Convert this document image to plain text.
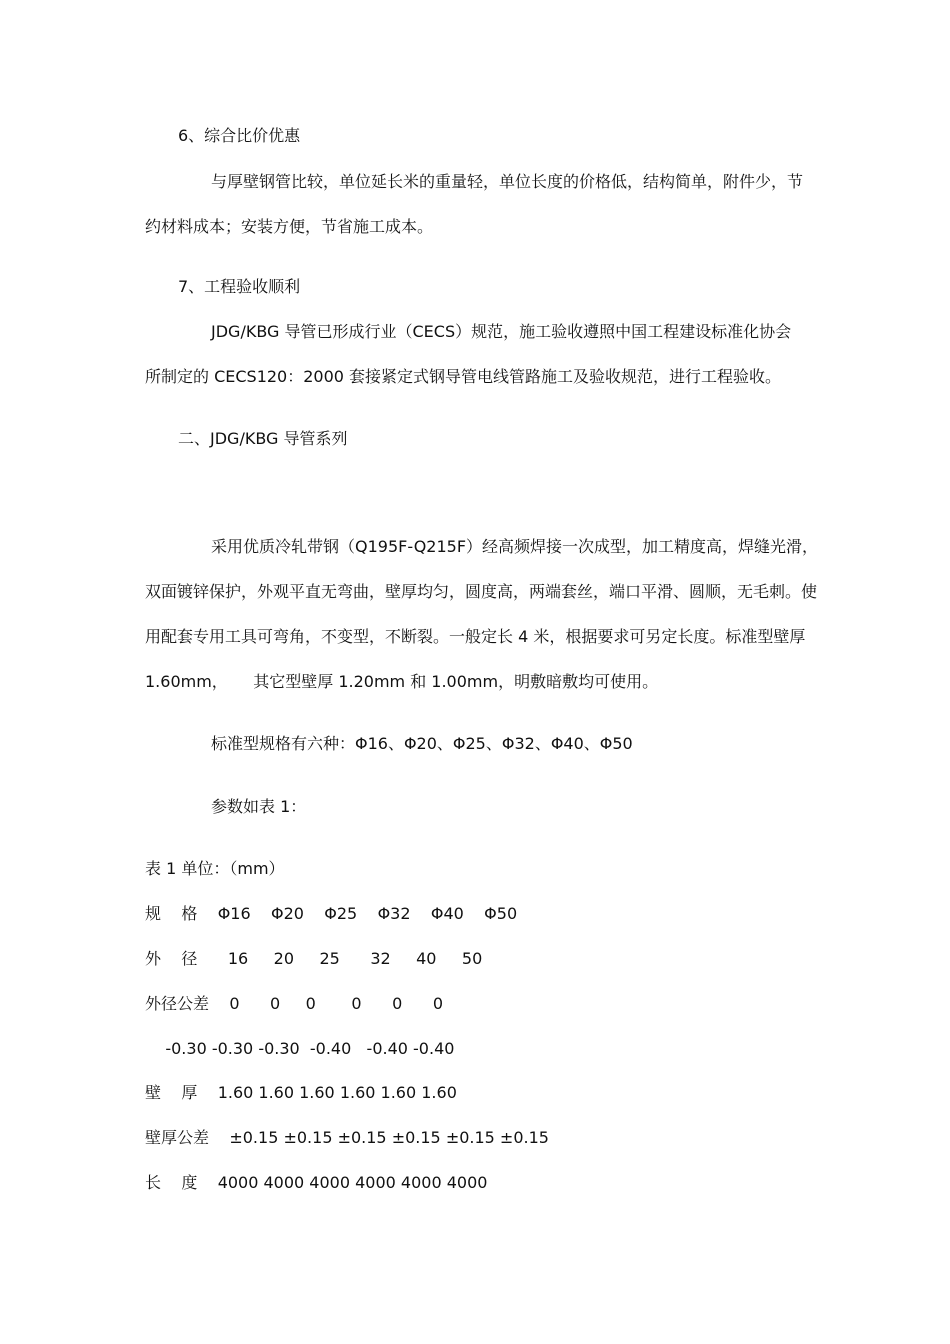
6、综合比价优惠

与厚壁钢管比较，单位延长米的重量轻，单位长度的价格低，结构简单，附件少，节

约材料成本；安装方便，节省施工成本。

7、工程验收顺利

JDG/KBG 导管已形成行业（CECS）规范，施工验收遵照中国工程建设标准化协会

所制定的 CECS120：2000 套接紧定式钢导管电线管路施工及验收规范，进行工程验收。

二、JDG/KBG 导管系列

采用优质冷轧带钢（Q195F-Q215F）经高频焊接一次成型，加工精度高，焊缝光滑，

双面镀锌保护，外观平直无弯曲，壁厚均匀，圆度高，两端套丝，端口平滑、圆顺，无毛刺。使

用配套专用工具可弯角，不变型，不断裂。一般定长 4 米，根据要求可另定长度。标准型壁厚

1.60mm，     其它型壁厚 1.20mm 和 1.00mm，明敷暗敷均可使用。

标准型规格有六种：Φ16、Φ20、Φ25、Φ32、Φ40、Φ50

参数如表 1：

表 1 单位：（mm）

规    格    Φ16    Φ20    Φ25    Φ32    Φ40    Φ50

外    径      16     20     25      32     40     50

外径公差    0      0     0       0      0      0

-0.30 -0.30 -0.30  -0.40   -0.40 -0.40

壁    厚    1.60 1.60 1.60 1.60 1.60 1.60

壁厚公差    ±0.15 ±0.15 ±0.15 ±0.15 ±0.15 ±0.15

长    度    4000 4000 4000 4000 4000 4000
